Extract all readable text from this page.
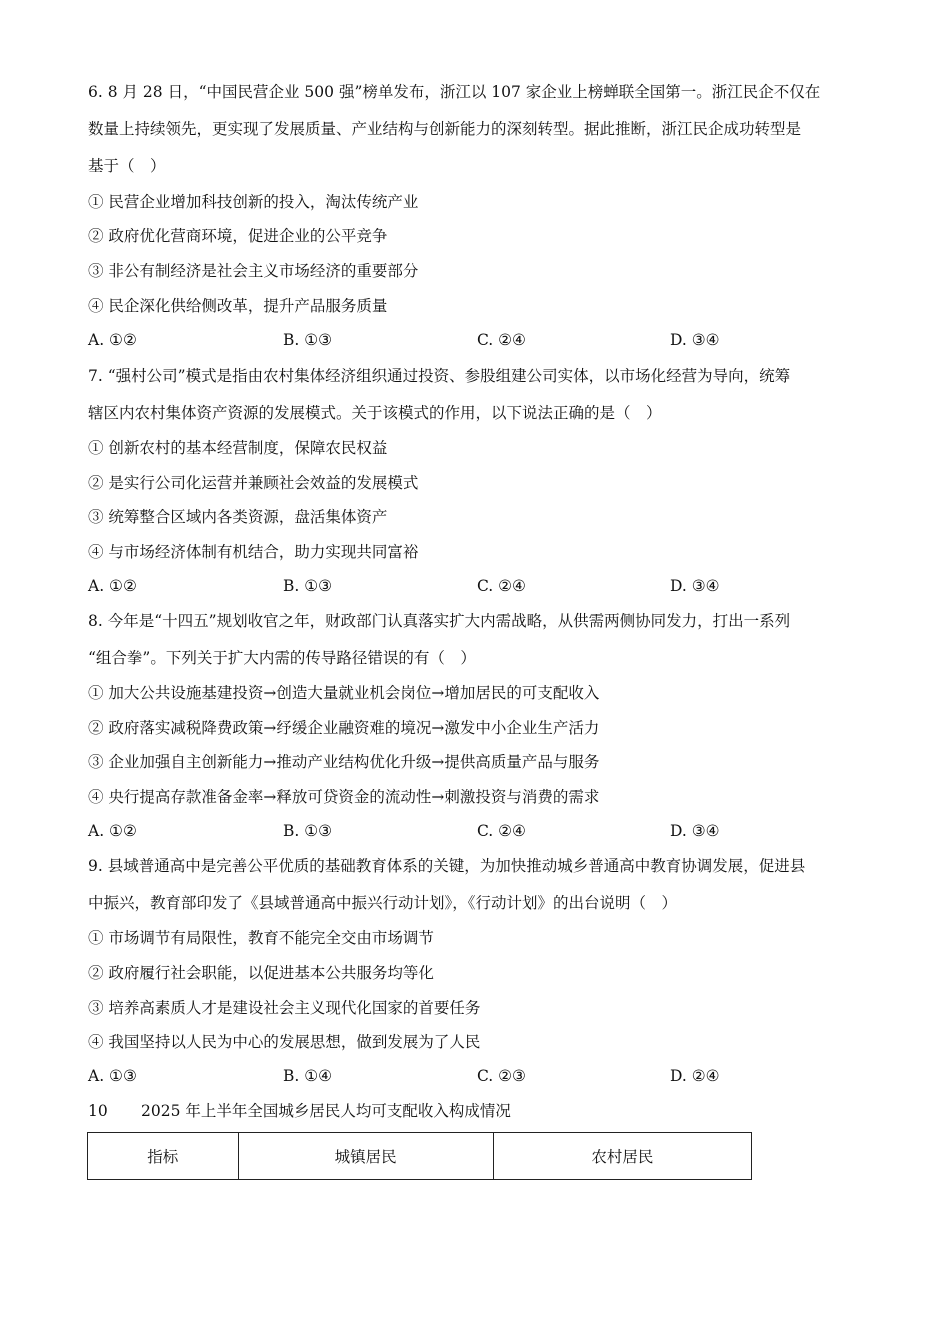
6. 8 月 28 日，“中国民营企业 500 强”榜单发布，浙江以 107 家企业上榜蝉联全国第一。浙江民企不仅在
数量上持续领先，更实现了发展质量、产业结构与创新能力的深刻转型。据此推断，浙江民企成功转型是
基于（　）
① 民营企业增加科技创新的投入，淘汰传统产业
② 政府优化营商环境，促进企业的公平竞争
③ 非公有制经济是社会主义市场经济的重要部分
④ 民企深化供给侧改革，提升产品服务质量
A. ①②	B. ①③	C. ②④	D. ③④
7. “强村公司”模式是指由农村集体经济组织通过投资、参股组建公司实体，以市场化经营为导向，统筹
辖区内农村集体资产资源的发展模式。关于该模式的作用，以下说法正确的是（　）
① 创新农村的基本经营制度，保障农民权益
② 是实行公司化运营并兼顾社会效益的发展模式
③ 统筹整合区域内各类资源，盘活集体资产
④ 与市场经济体制有机结合，助力实现共同富裕
A. ①②	B. ①③	C. ②④	D. ③④
8. 今年是“十四五”规划收官之年，财政部门认真落实扩大内需战略，从供需两侧协同发力，打出一系列
“组合拳”。下列关于扩大内需的传导路径错误的有（　）
① 加大公共设施基建投资→创造大量就业机会岗位→增加居民的可支配收入
② 政府落实减税降费政策→纾缓企业融资难的境况→激发中小企业生产活力
③ 企业加强自主创新能力→推动产业结构优化升级→提供高质量产品与服务
④ 央行提高存款准备金率→释放可贷资金的流动性→刺激投资与消费的需求
A. ①②	B. ①③	C. ②④	D. ③④
9. 县域普通高中是完善公平优质的基础教育体系的关键，为加快推动城乡普通高中教育协调发展，促进县
中振兴，教育部印发了《县域普通高中振兴行动计划》，《行动计划》的出台说明（　）
① 市场调节有局限性，教育不能完全交由市场调节
② 政府履行社会职能，以促进基本公共服务均等化
③ 培养高素质人才是建设社会主义现代化国家的首要任务
④ 我国坚持以人民为中心的发展思想，做到发展为了人民
A. ①③	B. ①④	C. ②③	D. ②④
10 2025 年上半年全国城乡居民人均可支配收入构成情况
指标	城镇居民	农村居民
